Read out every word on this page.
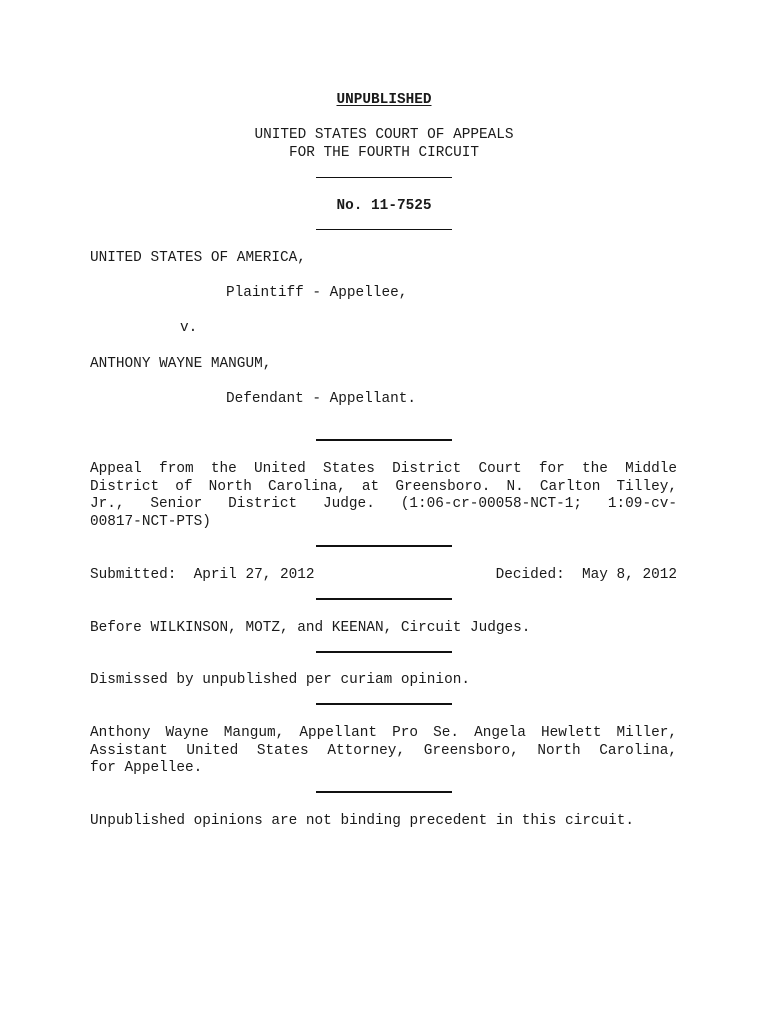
UNPUBLISHED
UNITED STATES COURT OF APPEALS
FOR THE FOURTH CIRCUIT
No. 11-7525
UNITED STATES OF AMERICA,
Plaintiff - Appellee,
v.
ANTHONY WAYNE MANGUM,
Defendant - Appellant.
Appeal from the United States District Court for the Middle
District of North Carolina, at Greensboro. N. Carlton Tilley,
Jr., Senior District Judge. (1:06-cr-00058-NCT-1; 1:09-cv-
00817-NCT-PTS)
Submitted:  April 27, 2012	Decided:  May 8, 2012
Before WILKINSON, MOTZ, and KEENAN, Circuit Judges.
Dismissed by unpublished per curiam opinion.
Anthony Wayne Mangum, Appellant Pro Se. Angela Hewlett Miller,
Assistant United States Attorney, Greensboro, North Carolina,
for Appellee.
Unpublished opinions are not binding precedent in this circuit.
